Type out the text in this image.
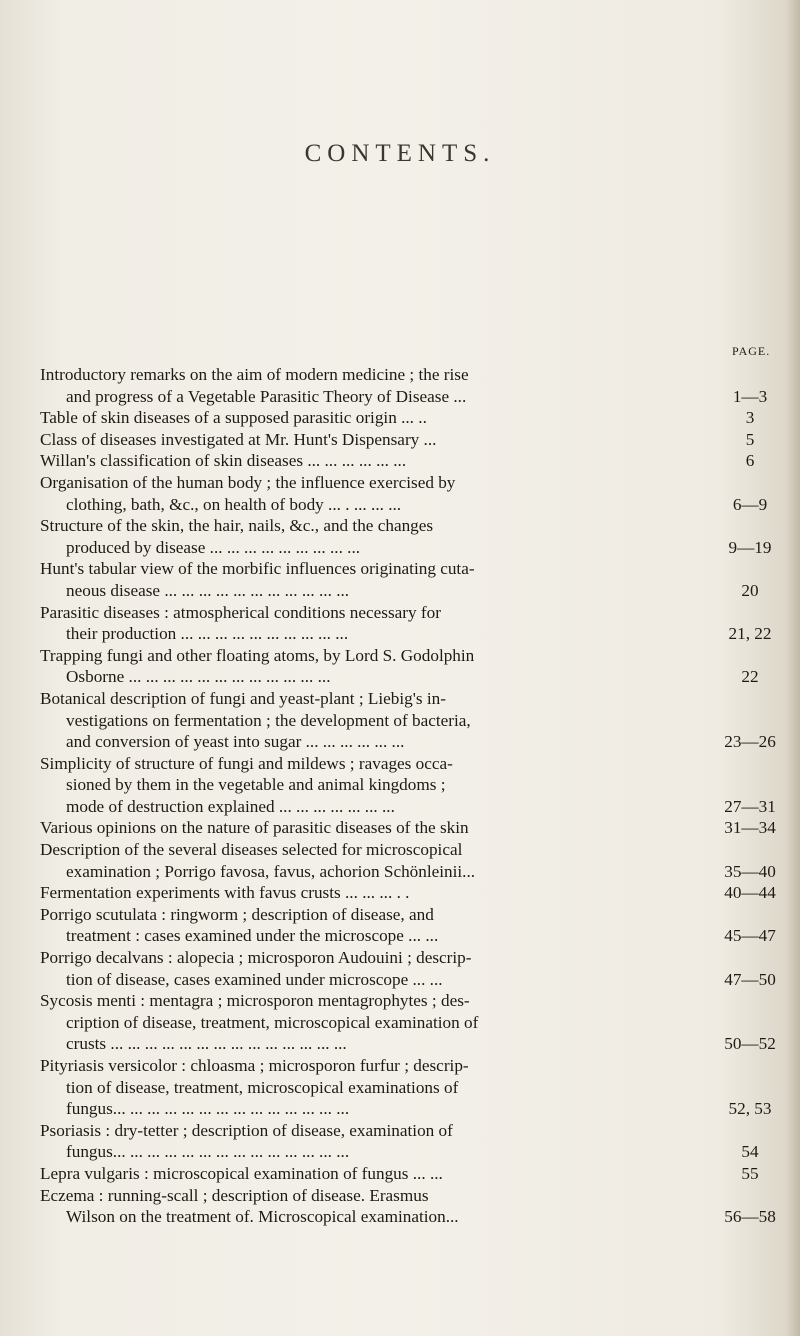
CONTENTS.
PAGE.
Introductory remarks on the aim of modern medicine ; the rise
and progress of a Vegetable Parasitic Theory of Disease ...	1—3
Table of skin diseases of a supposed parasitic origin ... ..	3
Class of diseases investigated at Mr. Hunt's Dispensary ...	5
Willan's classification of skin diseases ... ... ... ... ... ...	6
Organisation of the human body ; the influence exercised by
clothing, bath, &c., on health of body ... . ... ... ...	6—9
Structure of the skin, the hair, nails, &c., and the changes
produced by disease ... ... ... ... ... ... ... ... ...	9—19
Hunt's tabular view of the morbific influences originating cuta-
neous disease ... ... ... ... ... ... ... ... ... ... ...	20
Parasitic diseases : atmospherical conditions necessary for
their production ... ... ... ... ... ... ... ... ... ...	21, 22
Trapping fungi and other floating atoms, by Lord S. Godolphin
Osborne ... ... ... ... ... ... ... ... ... ... ... ...	22
Botanical description of fungi and yeast-plant ; Liebig's in-
vestigations on fermentation ; the development of bacteria,
and conversion of yeast into sugar ... ... ... ... ... ...	23—26
Simplicity of structure of fungi and mildews ; ravages occa-
sioned by them in the vegetable and animal kingdoms ;
mode of destruction explained ... ... ... ... ... ... ...	27—31
Various opinions on the nature of parasitic diseases of the skin	31—34
Description of the several diseases selected for microscopical
examination ; Porrigo favosa, favus, achorion Schönleinii...	35—40
Fermentation experiments with favus crusts ... ... ... . .	40—44
Porrigo scutulata : ringworm ; description of disease, and
treatment : cases examined under the microscope ... ...	45—47
Porrigo decalvans : alopecia ; microsporon Audouini ; descrip-
tion of disease, cases examined under microscope ... ...	47—50
Sycosis menti : mentagra ; microsporon mentagrophytes ; des-
cription of disease, treatment, microscopical examination of
crusts ... ... ... ... ... ... ... ... ... ... ... ... ... ...	50—52
Pityriasis versicolor : chloasma ; microsporon furfur ; descrip-
tion of disease, treatment, microscopical examinations of
fungus... ... ... ... ... ... ... ... ... ... ... ... ... ...	52, 53
Psoriasis : dry-tetter ; description of disease, examination of
fungus... ... ... ... ... ... ... ... ... ... ... ... ... ...	54
Lepra vulgaris : microscopical examination of fungus ... ...	55
Eczema : running-scall ; description of disease. Erasmus
Wilson on the treatment of. Microscopical examination...	56—58
